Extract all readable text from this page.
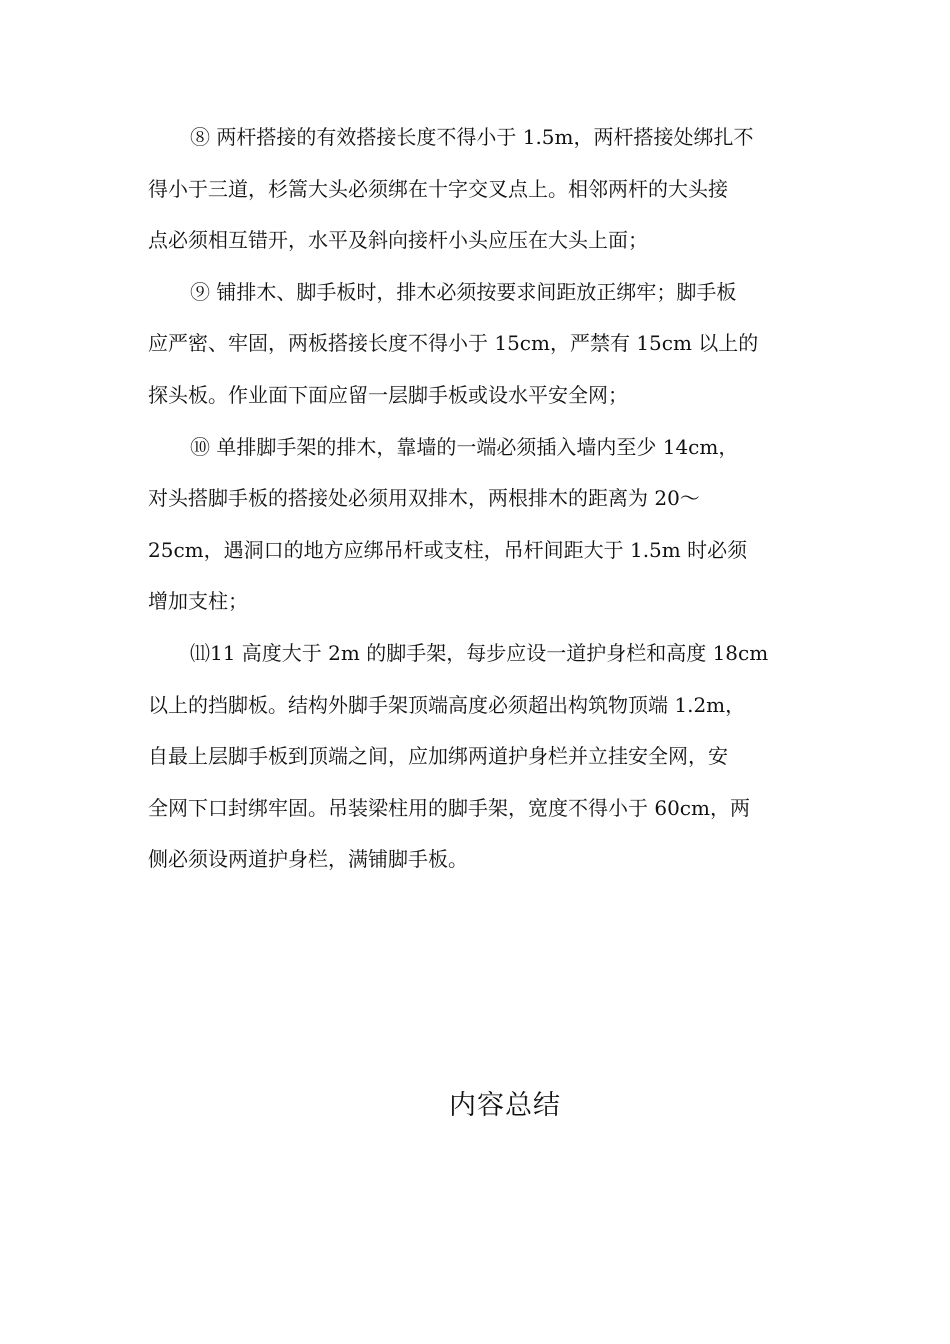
⑧ 两杆搭接的有效搭接长度不得小于 1.5m，两杆搭接处绑扎不
得小于三道，杉篙大头必须绑在十字交叉点上。相邻两杆的大头接
点必须相互错开，水平及斜向接杆小头应压在大头上面；
⑨ 铺排木、脚手板时，排木必须按要求间距放正绑牢；脚手板
应严密、牢固，两板搭接长度不得小于 15cm，严禁有 15cm 以上的
探头板。作业面下面应留一层脚手板或设水平安全网；
⑩ 单排脚手架的排木，靠墙的一端必须插入墙内至少 14cm，
对头搭脚手板的搭接处必须用双排木，两根排木的距离为 20～
25cm，遇洞口的地方应绑吊杆或支柱，吊杆间距大于 1.5m 时必须
增加支柱；
⑾11 高度大于 2m 的脚手架，每步应设一道护身栏和高度 18cm
以上的挡脚板。结构外脚手架顶端高度必须超出构筑物顶端 1.2m，
自最上层脚手板到顶端之间，应加绑两道护身栏并立挂安全网，安
全网下口封绑牢固。吊装梁柱用的脚手架，宽度不得小于 60cm，两
侧必须设两道护身栏，满铺脚手板。
内容总结
